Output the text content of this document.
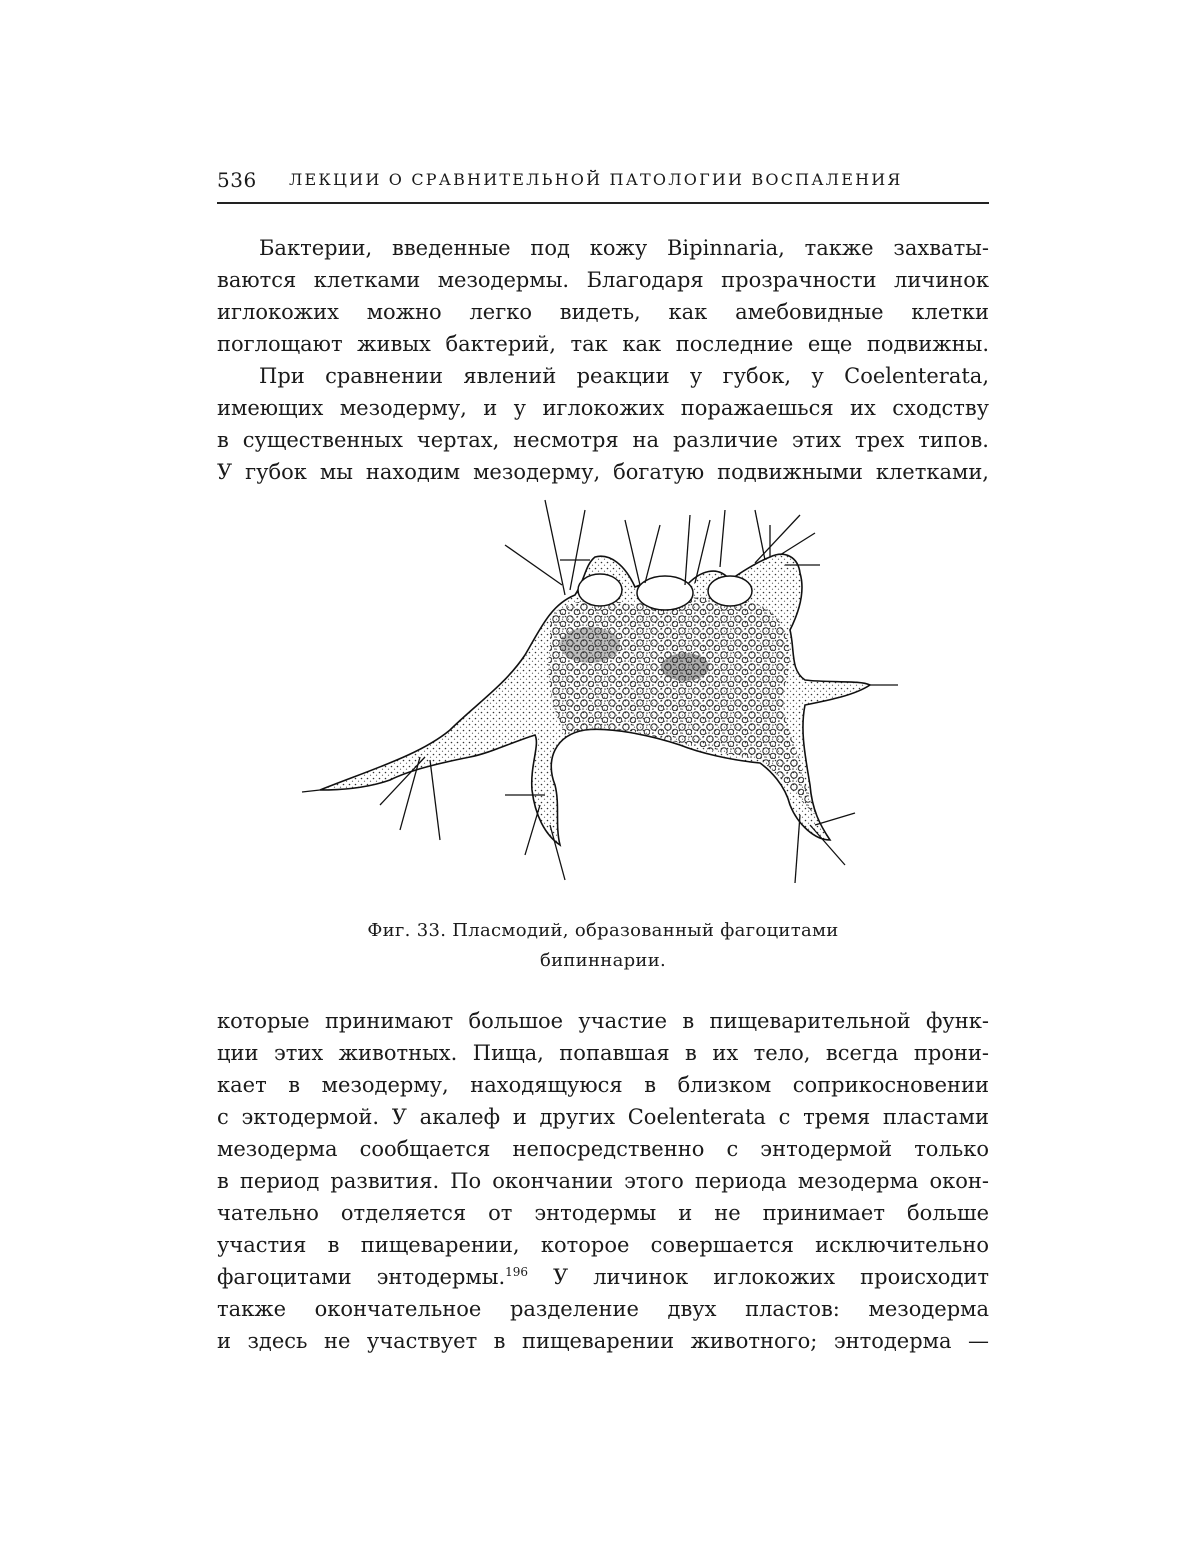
536 ЛЕКЦИИ О СРАВНИТЕЛЬНОЙ ПАТОЛОГИИ ВОСПАЛЕНИЯ
Бактерии, введенные под кожу Bipinnaria, также захваты-
ваются клетками мезодермы. Благодаря прозрачности личинок
иглокожих можно легко видеть, как амебовидные клетки
поглощают живых бактерий, так как последние еще подвижны.
При сравнении явлений реакции у губок, у Coelenterata,
имеющих мезодерму, и у иглокожих поражаешься их сходству
в существенных чертах, несмотря на различие этих трех типов.
У губок мы находим мезодерму, богатую подвижными клетками,
Фиг. 33. Плаcмодий, образованный фагоцитами
бипиннарии.
которые принимают большое участие в пищеварительной функ-
ции этих животных. Пища, попавшая в их тело, всегда прони-
кает в мезодерму, находящуюся в близком соприкосновении
с эктодермой. У акалеф и других Coelenterata с тремя пластами
мезодерма сообщается непосредственно с энтодермой только
в период развития. По окончании этого периода мезодерма окон-
чательно отделяется от энтодермы и не принимает больше
участия в пищеварении, которое совершается исключительно
фагоцитами энтодермы.$^{196}$ У личинок иглокожих происходит
также окончательное разделение двух пластов: мезодерма
и здесь не участвует в пищеварении животного; энтодерма —
